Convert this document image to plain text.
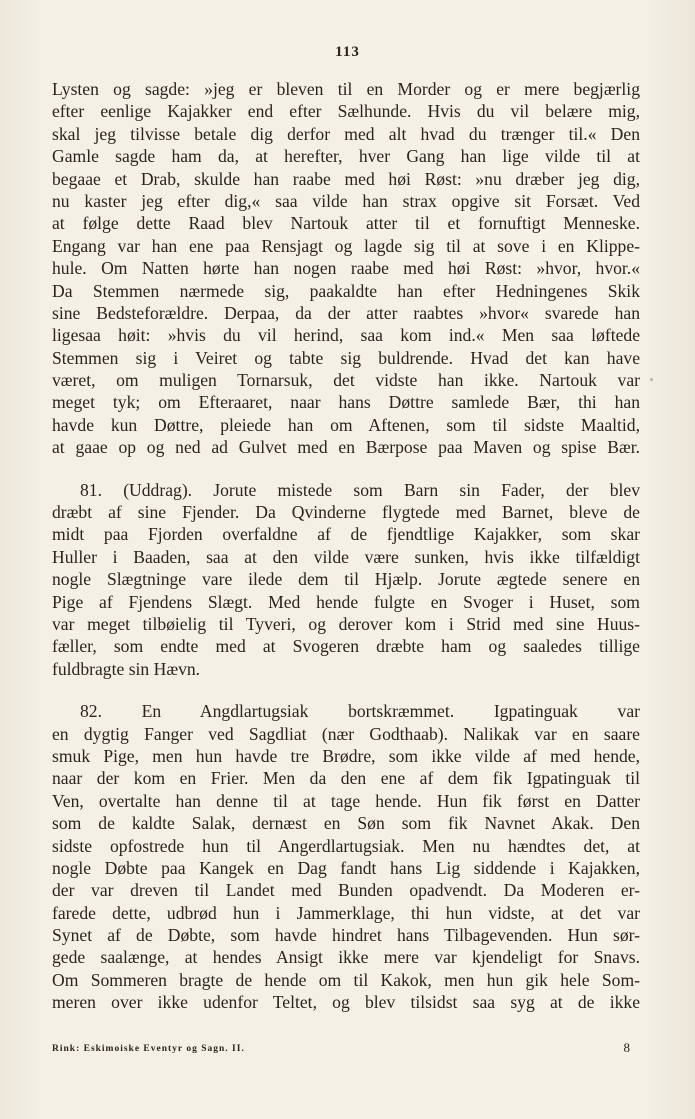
113
Lysten og sagde: »jeg er bleven til en Morder og er mere begjærlig
efter eenlige Kajakker end efter Sælhunde. Hvis du vil belære mig,
skal jeg tilvisse betale dig derfor med alt hvad du trænger til.« Den
Gamle sagde ham da, at herefter, hver Gang han lige vilde til at
begaae et Drab, skulde han raabe med høi Røst: »nu dræber jeg dig,
nu kaster jeg efter dig,« saa vilde han strax opgive sit Forsæt. Ved
at følge dette Raad blev Nartouk atter til et fornuftigt Menneske.
Engang var han ene paa Rensjagt og lagde sig til at sove i en Klippe-
hule. Om Natten hørte han nogen raabe med høi Røst: »hvor, hvor.«
Da Stemmen nærmede sig, paakaldte han efter Hedningenes Skik
sine Bedsteforældre. Derpaa, da der atter raabtes »hvor« svarede han
ligesaa høit: »hvis du vil herind, saa kom ind.« Men saa løftede
Stemmen sig i Veiret og tabte sig buldrende. Hvad det kan have
været, om muligen Tornarsuk, det vidste han ikke. Nartouk var
meget tyk; om Efteraaret, naar hans Døttre samlede Bær, thi han
havde kun Døttre, pleiede han om Aftenen, som til sidste Maaltid,
at gaae op og ned ad Gulvet med en Bærpose paa Maven og spise Bær.
81. (Uddrag). Jorute mistede som Barn sin Fader, der blev
dræbt af sine Fjender. Da Qvinderne flygtede med Barnet, bleve de
midt paa Fjorden overfaldne af de fjendtlige Kajakker, som skar
Huller i Baaden, saa at den vilde være sunken, hvis ikke tilfældigt
nogle Slægtninge vare ilede dem til Hjælp. Jorute ægtede senere en
Pige af Fjendens Slægt. Med hende fulgte en Svoger i Huset, som
var meget tilbøielig til Tyveri, og derover kom i Strid med sine Huus-
fæller, som endte med at Svogeren dræbte ham og saaledes tillige
fuldbragte sin Hævn.
82. En Angdlartugsiak bortskræmmet. Igpatinguak var
en dygtig Fanger ved Sagdliat (nær Godthaab). Nalikak var en saare
smuk Pige, men hun havde tre Brødre, som ikke vilde af med hende,
naar der kom en Frier. Men da den ene af dem fik Igpatinguak til
Ven, overtalte han denne til at tage hende. Hun fik først en Datter
som de kaldte Salak, dernæst en Søn som fik Navnet Akak. Den
sidste opfostrede hun til Angerdlartugsiak. Men nu hændtes det, at
nogle Døbte paa Kangek en Dag fandt hans Lig siddende i Kajakken,
der var dreven til Landet med Bunden opadvendt. Da Moderen er-
farede dette, udbrød hun i Jammerklage, thi hun vidste, at det var
Synet af de Døbte, som havde hindret hans Tilbagevenden. Hun sør-
gede saalænge, at hendes Ansigt ikke mere var kjendeligt for Snavs.
Om Sommeren bragte de hende om til Kakok, men hun gik hele Som-
meren over ikke udenfor Teltet, og blev tilsidst saa syg at de ikke
Rink: Eskimoiske Eventyr og Sagn. II.	8
